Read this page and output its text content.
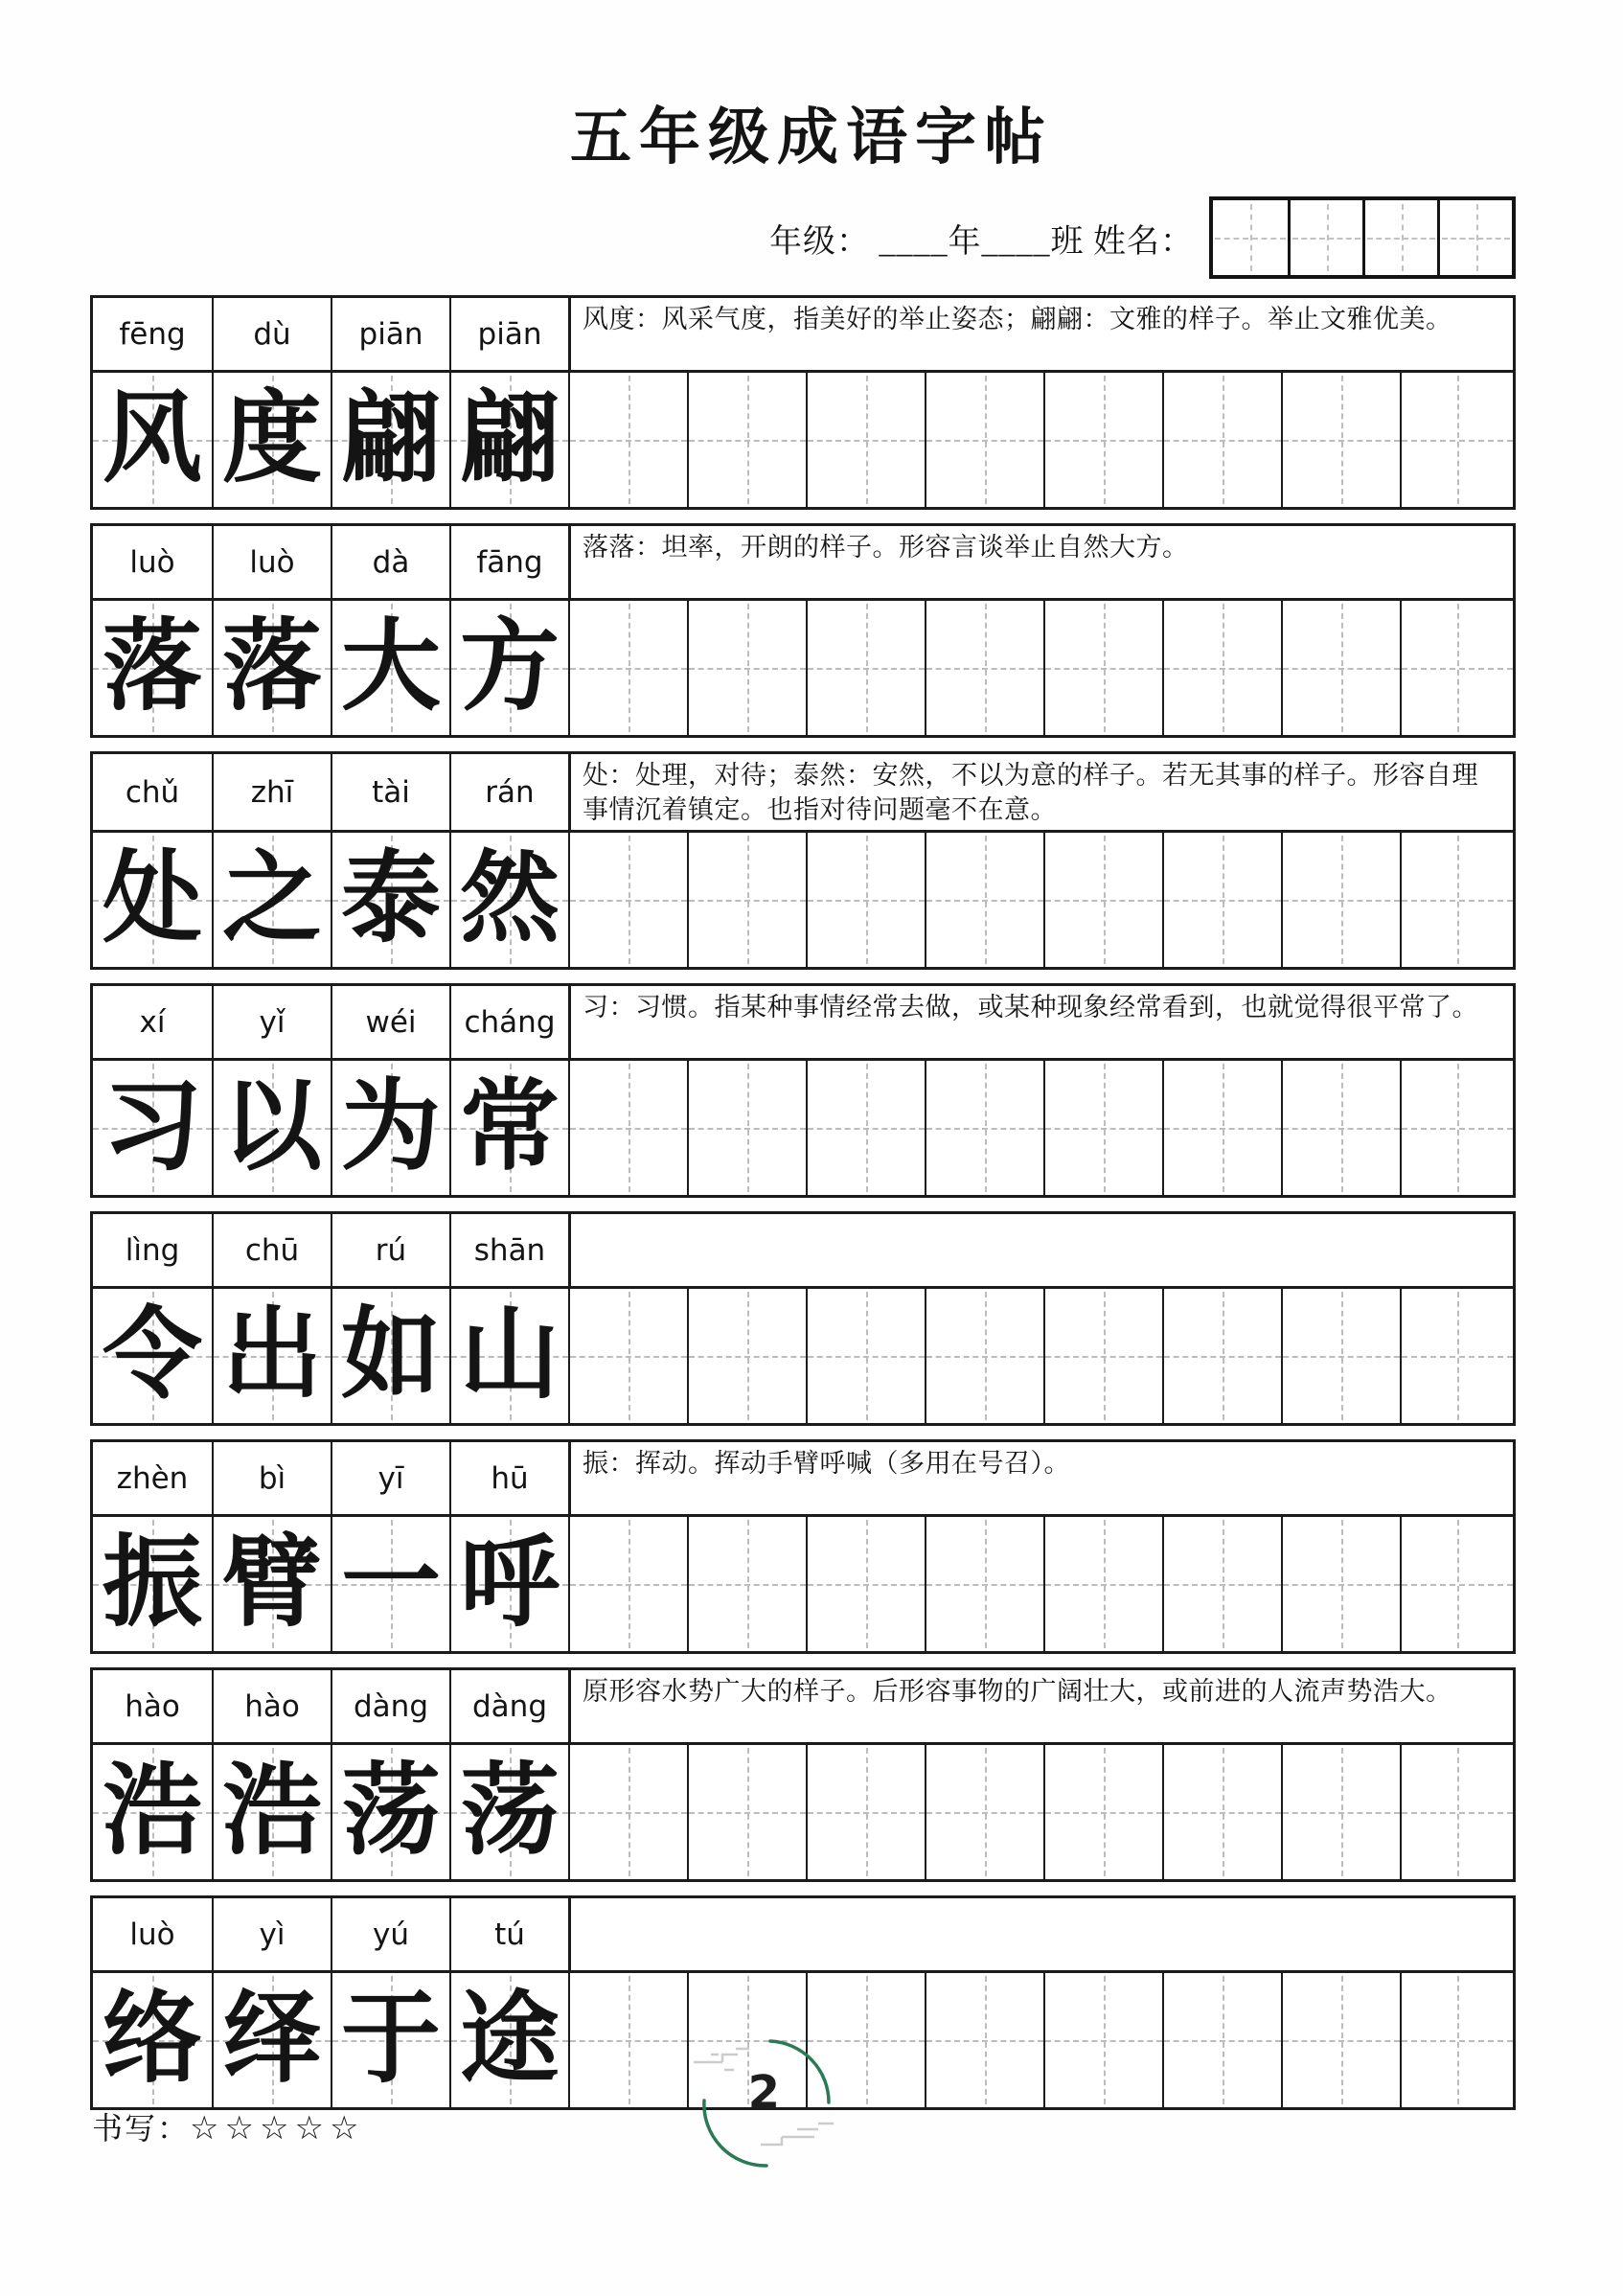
五年级成语字帖
年级： ____年____班 姓名：
fēng	dù	piān	piān	风度：风采气度，指美好的举止姿态；翩翩：文雅的样子。举止文雅优美。
风 度 翩 翩
luò	luò	dà	fāng	落落：坦率，开朗的样子。形容言谈举止自然大方。
落 落 大 方
chǔ	zhī	tài	rán	处：处理，对待；泰然：安然，不以为意的样子。若无其事的样子。形容自理事情沉着镇定。也指对待问题毫不在意。
处 之 泰 然
xí	yǐ	wéi	cháng	习：习惯。指某种事情经常去做，或某种现象经常看到，也就觉得很平常了。
习 以 为 常
lìng	chū	rú	shān
令 出 如 山
zhèn	bì	yī	hū	振：挥动。挥动手臂呼喊（多用在号召）。
振 臂 一 呼
hào	hào	dàng	dàng	原形容水势广大的样子。后形容事物的广阔壮大，或前进的人流声势浩大。
浩 浩 荡 荡
luò	yì	yú	tú
络 绎 于 途
书写：☆☆☆☆☆
2
